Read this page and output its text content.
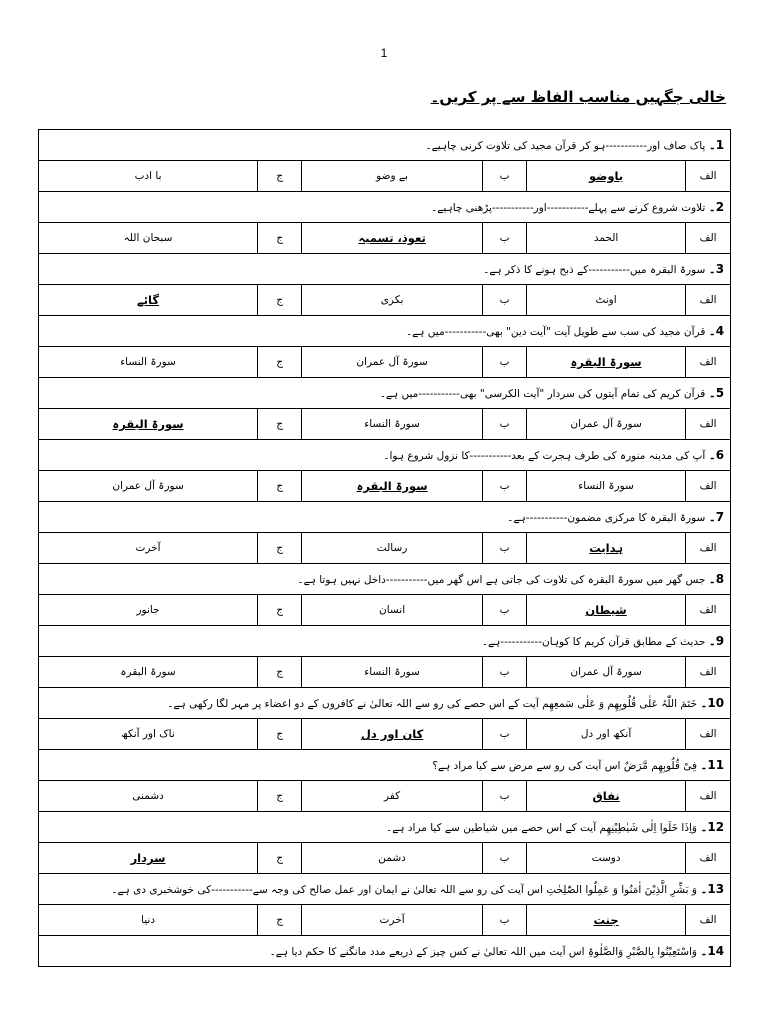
1
خالی جگہیں مناسب الفاظ سے پر کریں۔
1۔ پاک صاف اور-----------ہو کر قرآن مجید کی تلاوت کرنی چاہیے۔					
الف	باوضو	ب	بے وضو	ج	با ادب
2۔ تلاوت شروع کرنے سے پہلے-----------اور-----------پڑھنی چاہیے۔					
الف	الحمد	ب	تعوذ، تسمیہ	ج	سبحان اللہ
3۔ سورۃ البقرہ میں-----------کے ذبح ہونے کا ذکر ہے۔					
الف	اونٹ	ب	بکری	ج	گائے
4۔ قرآن مجید کی سب سے طویل آیت "آیت دین" بھی-----------میں ہے۔					
الف	سورۃ البقرہ	ب	سورۃ آل عمران	ج	سورۃ النساء
5۔ قرآن کریم کی تمام آیتوں کی سردار "آیت الکرسی" بھی-----------میں ہے۔					
الف	سورۃ آل عمران	ب	سورۃ النساء	ج	سورۃ البقرہ
6۔ آپ کی مدینہ منورہ کی طرف ہجرت کے بعد-----------کا نزول شروع ہوا۔					
الف	سورۃ النساء	ب	سورۃ البقرہ	ج	سورۃ آل عمران
7۔ سورۃ البقرہ کا مرکزی مضمون-----------ہے۔					
الف	ہدایت	ب	رسالت	ج	آخرت
8۔ جس گھر میں سورۃ البقرہ کی تلاوت کی جاتی ہے اس گھر میں-----------داخل نہیں ہوتا ہے۔					
الف	شیطان	ب	انسان	ج	جانور
9۔ حدیث کے مطابق قرآن کریم کا کوہان-----------ہے۔					
الف	سورۃ آل عمران	ب	سورۃ النساء	ج	سورۃ البقرہ
10۔ خَتَمَ اللّٰہُ عَلٰی قُلُوبِھِم وَ عَلٰی سَمعِھِم آیت کے اس حصے کی رو سے اللہ تعالیٰ نے کافروں کے دو اعضاء پر مہر لگا رکھی ہے۔					
الف	آنکھ اور دل	ب	کان اور دل	ج	ناک اور آنکھ
11۔ فِیْ قُلُوبِھِم مَّرَضٌ اس آیت کی رو سے مرض سے کیا مراد ہے؟					
الف	نفاق	ب	کفر	ج	دشمنی
12۔ وَاِذَا خَلَوا اِلٰی شَیٰطِیْنِھِم آیت کے اس حصے میں شیاطین سے کیا مراد ہے۔					
الف	دوست	ب	دشمن	ج	سردار
13۔ وَ بَشِّرِ الَّذِیْنَ اٰمَنُوا وَ عَمِلُوا الصّٰلِحٰتِ اس آیت کی رو سے اللہ تعالیٰ نے ایمان اور عمل صالح کی وجہ سے-----------کی خوشخبری دی ہے۔					
الف	جنت	ب	آخرت	ج	دنیا
14۔ وَاسْتَعِیْنُوا بِالصَّبْرِ وَالصَّلٰوۃِ اس آیت میں اللہ تعالیٰ نے کس چیز کے ذریعے مدد مانگنے کا حکم دیا ہے۔					
